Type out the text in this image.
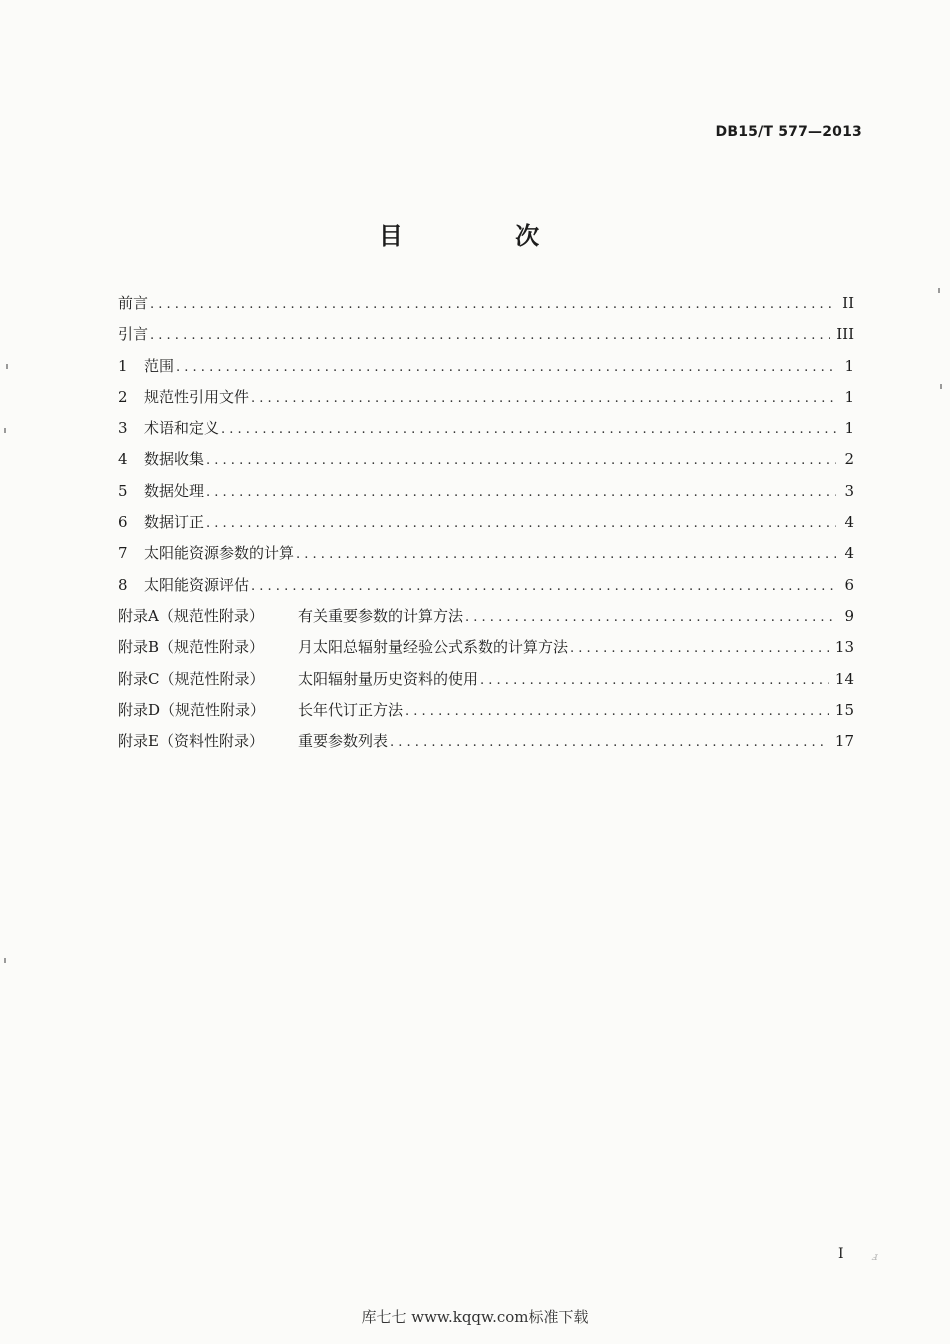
DB15/T 577—2013
目 次
前言 . . .	II
引言 . . .	III
1	范围 . . .	1
2	规范性引用文件 . . .	1
3	术语和定义 . . .	1
4	数据收集 . . .	2
5	数据处理 . . .	3
6	数据订正 . . .	4
7	太阳能资源参数的计算 . . .	4
8	太阳能资源评估 . . .	6
附录A（规范性附录）	有关重要参数的计算方法 . . .	9
附录B（规范性附录）	月太阳总辐射量经验公式系数的计算方法 . . .	13
附录C（规范性附录）	太阳辐射量历史资料的使用 . . .	14
附录D（规范性附录）	长年代订正方法 . . .	15
附录E（资料性附录）	重要参数列表 . . .	17
I	ⅎ
库七七 www.kqqw.com标准下载
